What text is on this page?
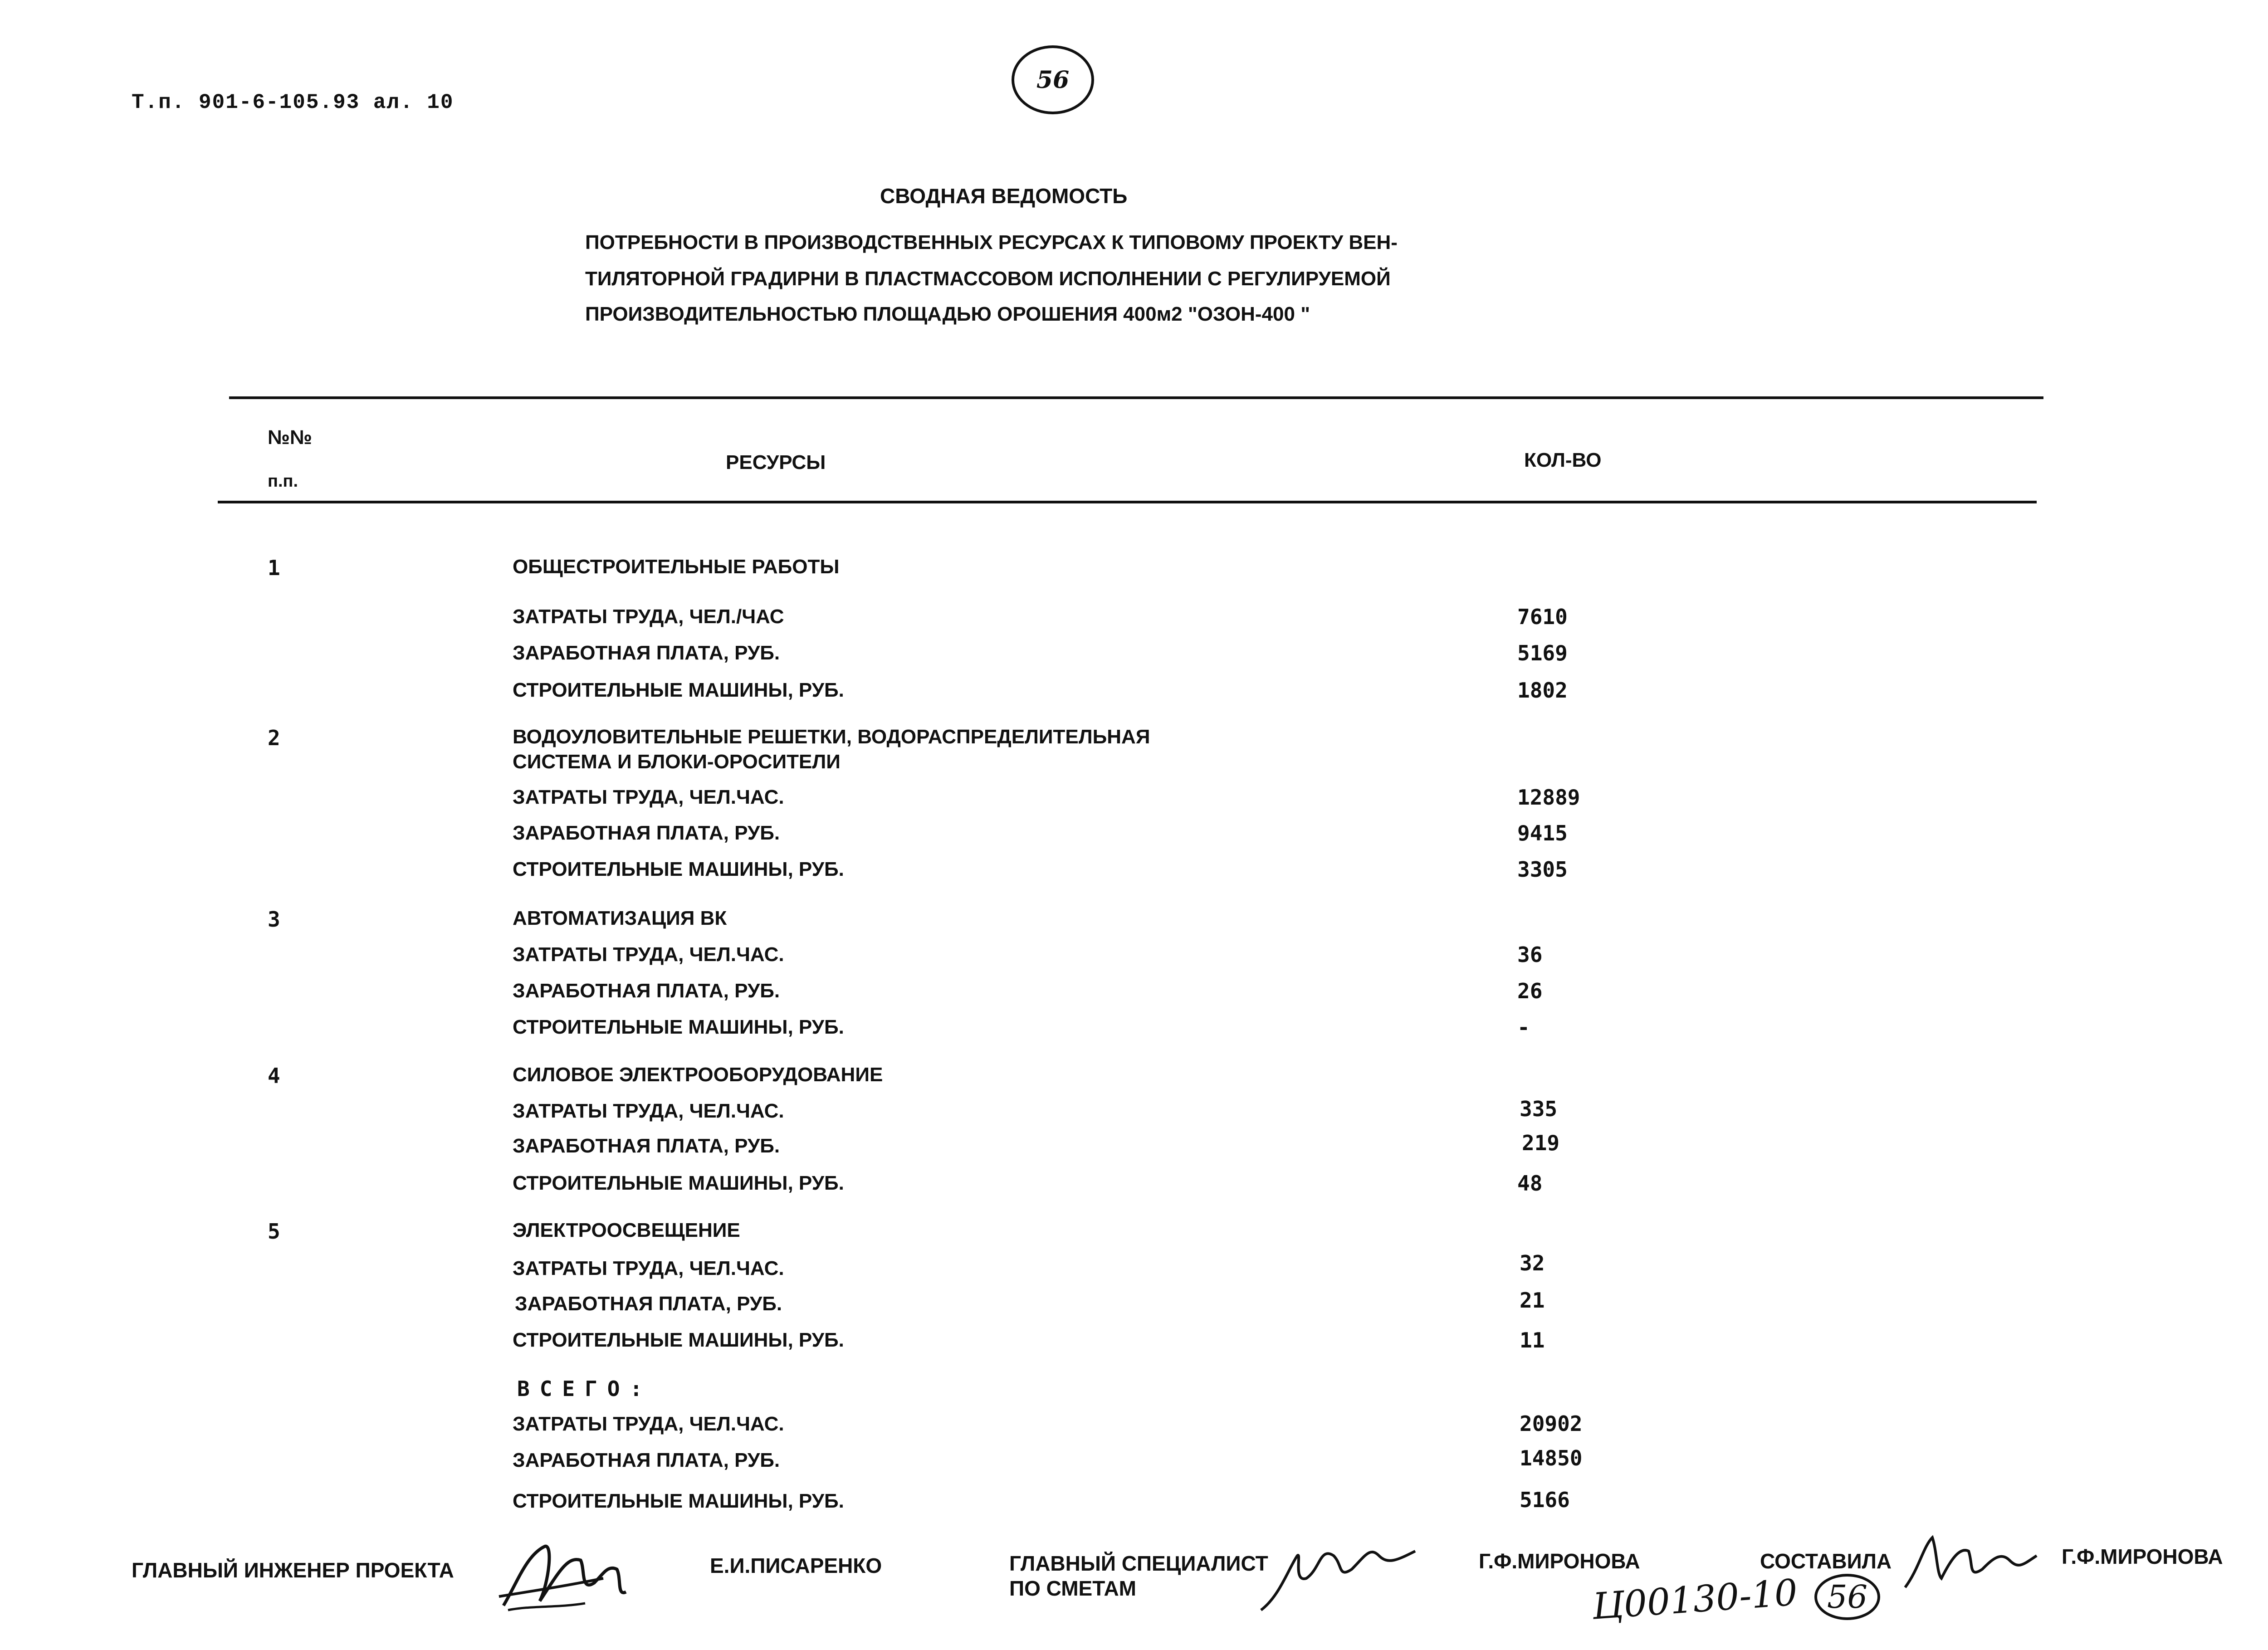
Т.п. 901-6-105.93 ал. 10
56
СВОДНАЯ ВЕДОМОСТЬ
ПОТРЕБНОСТИ В ПРОИЗВОДСТВЕННЫХ РЕСУРСАХ К ТИПОВОМУ ПРОЕКТУ ВЕН-
ТИЛЯТОРНОЙ ГРАДИРНИ В ПЛАСТМАССОВОМ ИСПОЛНЕНИИ С РЕГУЛИРУЕМОЙ
ПРОИЗВОДИТЕЛЬНОСТЬЮ ПЛОЩАДЬЮ ОРОШЕНИЯ 400м2 "ОЗОН-400 "
№№
п.п.
РЕСУРСЫ	КОЛ-ВО
1	ОБЩЕСТРОИТЕЛЬНЫЕ РАБОТЫ
ЗАТРАТЫ ТРУДА, ЧЕЛ./ЧАС	7610
ЗАРАБОТНАЯ ПЛАТА, РУБ.	5169
СТРОИТЕЛЬНЫЕ МАШИНЫ, РУБ.	1802
2	ВОДОУЛОВИТЕЛЬНЫЕ РЕШЕТКИ, ВОДОРАСПРЕДЕЛИТЕЛЬНАЯ
СИСТЕМА И БЛОКИ-ОРОСИТЕЛИ
ЗАТРАТЫ ТРУДА, ЧЕЛ.ЧАС.	12889
ЗАРАБОТНАЯ ПЛАТА, РУБ.	9415
СТРОИТЕЛЬНЫЕ МАШИНЫ, РУБ.	3305
3	АВТОМАТИЗАЦИЯ ВК
ЗАТРАТЫ ТРУДА, ЧЕЛ.ЧАС.	36
ЗАРАБОТНАЯ ПЛАТА, РУБ.	26
СТРОИТЕЛЬНЫЕ МАШИНЫ, РУБ.	-
4	СИЛОВОЕ ЭЛЕКТРООБОРУДОВАНИЕ
ЗАТРАТЫ ТРУДА, ЧЕЛ.ЧАС.	335
ЗАРАБОТНАЯ ПЛАТА, РУБ.	219
СТРОИТЕЛЬНЫЕ МАШИНЫ, РУБ.	48
5	ЭЛЕКТРООСВЕЩЕНИЕ
ЗАТРАТЫ ТРУДА, ЧЕЛ.ЧАС.	32
ЗАРАБОТНАЯ ПЛАТА, РУБ.	21
СТРОИТЕЛЬНЫЕ МАШИНЫ, РУБ.	11
ВСЕГО:
ЗАТРАТЫ ТРУДА, ЧЕЛ.ЧАС.	20902
ЗАРАБОТНАЯ ПЛАТА, РУБ.	14850
СТРОИТЕЛЬНЫЕ МАШИНЫ, РУБ.	5166
ГЛАВНЫЙ ИНЖЕНЕР ПРОЕКТА	Е.И.ПИСАРЕНКО	ГЛАВНЫЙ СПЕЦИАЛИСТ
ПО СМЕТАМ
Г.Ф.МИРОНОВА	СОСТАВИЛА	Г.Ф.МИРОНОВА
Ц00130-10 56
